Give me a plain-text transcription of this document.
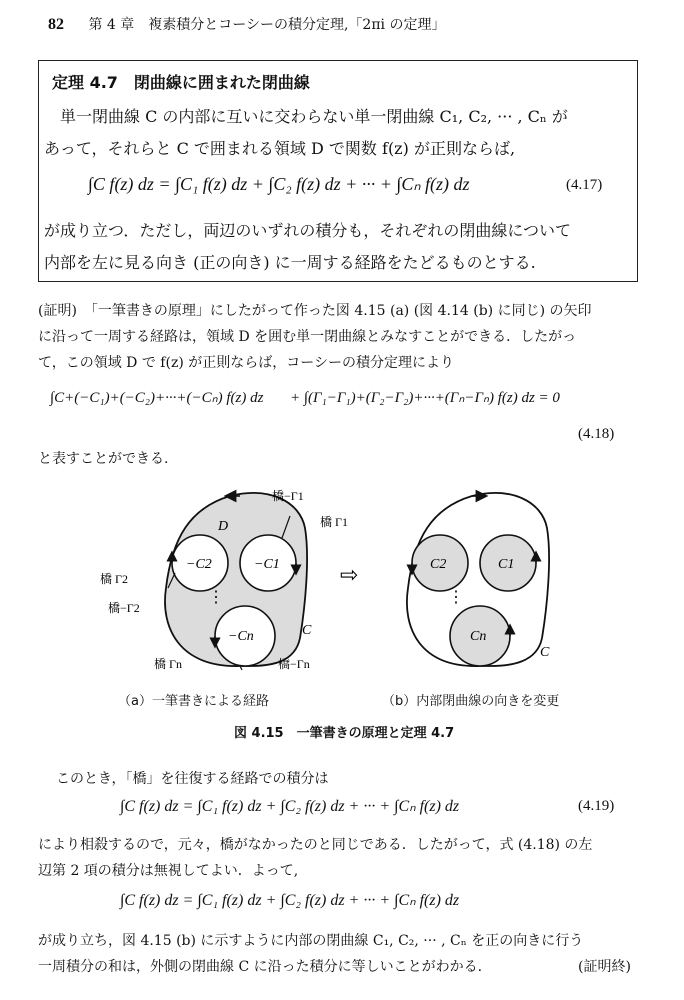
82 第 4 章　複素積分とコーシーの積分定理,「2πi の定理」
定理 4.7　閉曲線に囲まれた閉曲線
単一閉曲線 C の内部に互いに交わらない単一閉曲線 C₁, C₂, ··· , Cₙ が
あって，それらと C で囲まれる領域 D で関数 f(z) が正則ならば,
∫C f(z) dz = ∫C₁ f(z) dz + ∫C₂ f(z) dz + ··· + ∫Cₙ f(z) dz	(4.17)
が成り立つ．ただし，両辺のいずれの積分も，それぞれの閉曲線について
内部を左に見る向き (正の向き) に一周する経路をたどるものとする.
(証明)　「一筆書きの原理」にしたがって作った図 4.15 (a) (図 4.14 (b) に同じ) の矢印
に沿って一周する経路は，領域 D を囲む単一閉曲線とみなすことができる．したがっ
て，この領域 D で f(z) が正則ならば，コーシーの積分定理により
∫C+(−C₁)+(−C₂)+···+(−Cₙ) f(z) dz + ∫(Γ₁−Γ₁)+(Γ₂−Γ₂)+···+(Γₙ−Γₙ) f(z) dz = 0
(4.18)
と表すことができる.
D
橋−Γ1
橋 Γ1
−C2	−C1
橋 Γ2
橋−Γ2
−Cn	C
橋 Γn	橋−Γn
⋮
⇨	C2	C1
Cn
C
⋮
（a）一筆書きによる経路	（b）内部閉曲線の向きを変更
図 4.15　一筆書きの原理と定理 4.7
このとき，「橋」を往復する経路での積分は
∫C f(z) dz = ∫C₁ f(z) dz + ∫C₂ f(z) dz + ··· + ∫Cₙ f(z) dz	(4.19)
により相殺するので，元々，橋がなかったのと同じである．したがって，式 (4.18) の左
辺第 2 項の積分は無視してよい．よって,
∫C f(z) dz = ∫C₁ f(z) dz + ∫C₂ f(z) dz + ··· + ∫Cₙ f(z) dz
が成り立ち，図 4.15 (b) に示すように内部の閉曲線 C₁, C₂, ··· , Cₙ を正の向きに行う
一周積分の和は，外側の閉曲線 C に沿った積分に等しいことがわかる.	(証明終)
